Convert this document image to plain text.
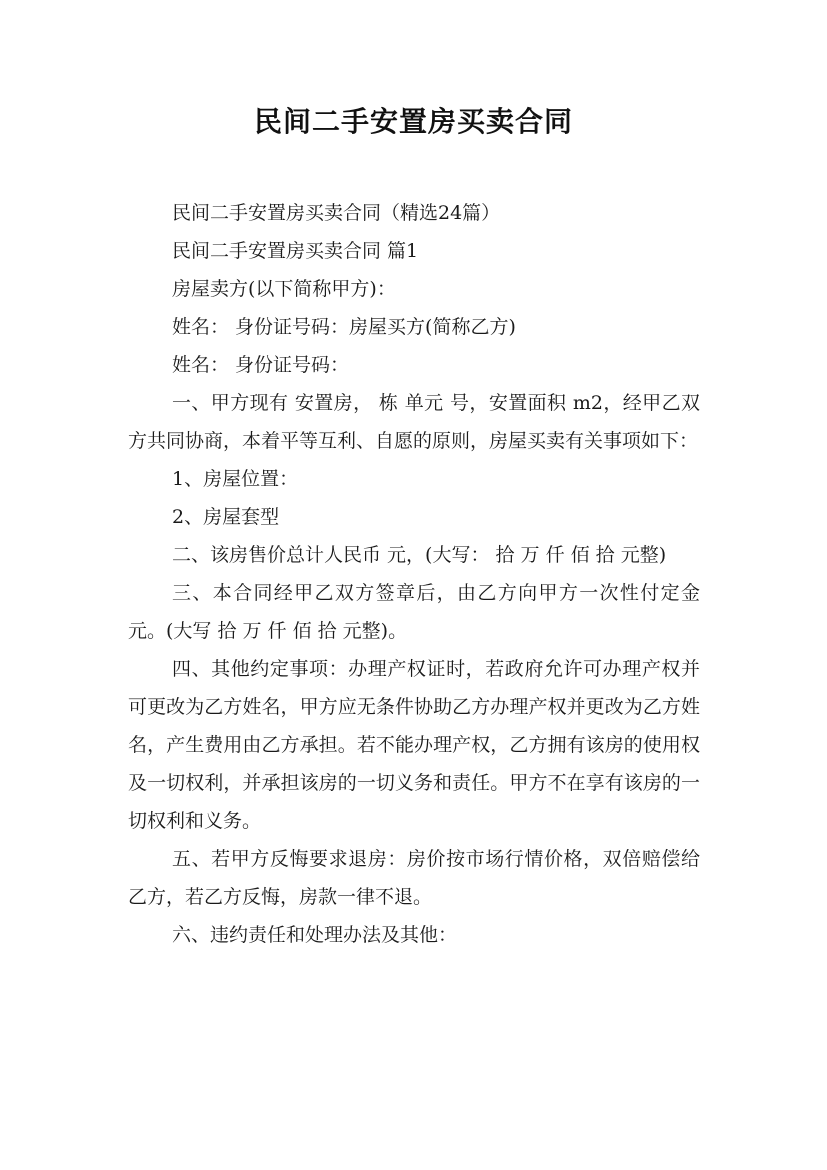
民间二手安置房买卖合同

民间二手安置房买卖合同（精选24篇）

民间二手安置房买卖合同 篇1

房屋卖方(以下简称甲方)：

姓名： 身份证号码：房屋买方(简称乙方)

姓名： 身份证号码：

一、甲方现有 安置房， 栋 单元 号，安置面积 m2，经甲乙双方共同协商，本着平等互利、自愿的原则，房屋买卖有关事项如下：

1、房屋位置：

2、房屋套型

二、该房售价总计人民币 元，(大写： 拾 万 仟 佰 拾 元整)

三、本合同经甲乙双方签章后，由乙方向甲方一次性付定金 元。(大写 拾 万 仟 佰 拾 元整)。

四、其他约定事项：办理产权证时，若政府允许可办理产权并可更改为乙方姓名，甲方应无条件协助乙方办理产权并更改为乙方姓名，产生费用由乙方承担。若不能办理产权，乙方拥有该房的使用权及一切权利，并承担该房的一切义务和责任。甲方不在享有该房的一切权利和义务。

五、若甲方反悔要求退房：房价按市场行情价格，双倍赔偿给乙方，若乙方反悔，房款一律不退。

六、违约责任和处理办法及其他：
